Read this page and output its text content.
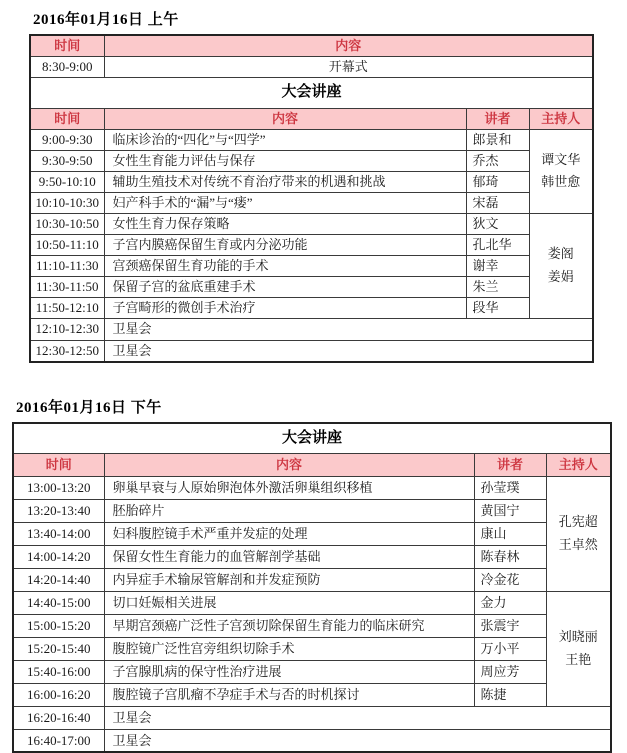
2016年01月16日 上午
时间	内容		
8:30-9:00	开幕式		
大会讲座			
时间	内容	讲者	主持人
9:00-9:30	临床诊治的“四化”与“四学”	郎景和	谭文华
韩世愈
9:30-9:50	女性生育能力评估与保存	乔杰	
9:50-10:10	辅助生殖技术对传统不育治疗带来的机遇和挑战	郁琦	
10:10-10:30	妇产科手术的“漏”与“瘘”	宋磊	
10:30-10:50	女性生育力保存策略	狄文	娄阁
姜娟
10:50-11:10	子宫内膜癌保留生育或内分泌功能	孔北华	
11:10-11:30	宫颈癌保留生育功能的手术	谢幸	
11:30-11:50	保留子宫的盆底重建手术	朱兰	
11:50-12:10	子宫畸形的微创手术治疗	段华	
12:10-12:30	卫星会		
12:30-12:50	卫星会		
2016年01月16日 下午
大会讲座			
时间	内容	讲者	主持人
13:00-13:20	卵巢早衰与人原始卵泡体外激活卵巢组织移植	孙莹璞	孔宪超
王卓然
13:20-13:40	胚胎碎片	黄国宁	
13:40-14:00	妇科腹腔镜手术严重并发症的处理	康山	
14:00-14:20	保留女性生育能力的血管解剖学基础	陈春林	
14:20-14:40	内异症手术输尿管解剖和并发症预防	冷金花	
14:40-15:00	切口妊娠相关进展	金力	刘晓丽
王艳
15:00-15:20	早期宫颈癌广泛性子宫颈切除保留生育能力的临床研究	张震宇	
15:20-15:40	腹腔镜广泛性宫旁组织切除手术	万小平	
15:40-16:00	子宫腺肌病的保守性治疗进展	周应芳	
16:00-16:20	腹腔镜子宫肌瘤不孕症手术与否的时机探讨	陈捷	
16:20-16:40	卫星会		
16:40-17:00	卫星会		
